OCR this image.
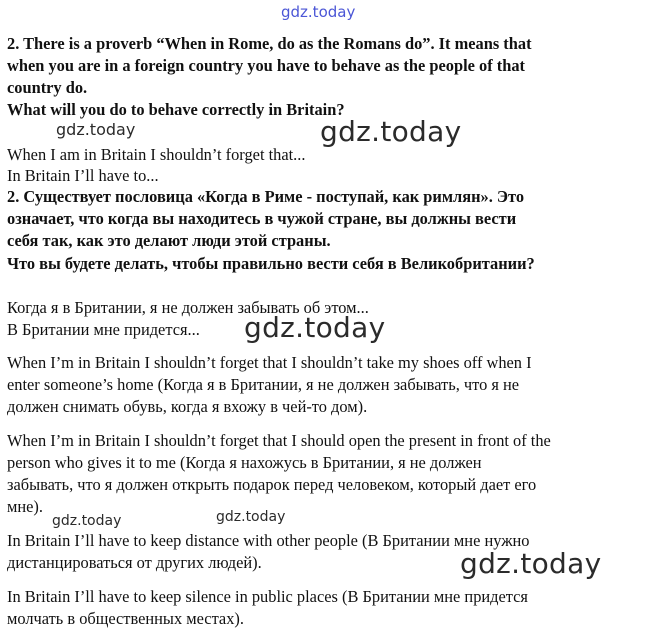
gdz.today
gdz.today	gdz.today
gdz.today
gdz.today	gdz.today
gdz.today
2. There is a proverb “When in Rome, do as the Romans do”. It means that
when you are in a foreign country you have to behave as the people of that
country do.
What will you do to behave correctly in Britain?
When I am in Britain I shouldn’t forget that...
In Britain I’ll have to...
2. Существует пословица «Когда в Риме - поступай, как римлян». Это
означает, что когда вы находитесь в чужой стране, вы должны вести
себя так, как это делают люди этой страны.
Что вы будете делать, чтобы правильно вести себя в Великобритании?
Когда я в Британии, я не должен забывать об этом...
В Британии мне придется...
When I’m in Britain I shouldn’t forget that I shouldn’t take my shoes off when I
enter someone’s home (Когда я в Британии, я не должен забывать, что я не
должен снимать обувь, когда я вхожу в чей-то дом).
When I’m in Britain I shouldn’t forget that I should open the present in front of the
person who gives it to me (Когда я нахожусь в Британии, я не должен
забывать, что я должен открыть подарок перед человеком, который дает его
мне).
In Britain I’ll have to keep distance with other people (В Британии мне нужно
дистанцироваться от других людей).
In Britain I’ll have to keep silence in public places (В Британии мне придется
молчать в общественных местах).
